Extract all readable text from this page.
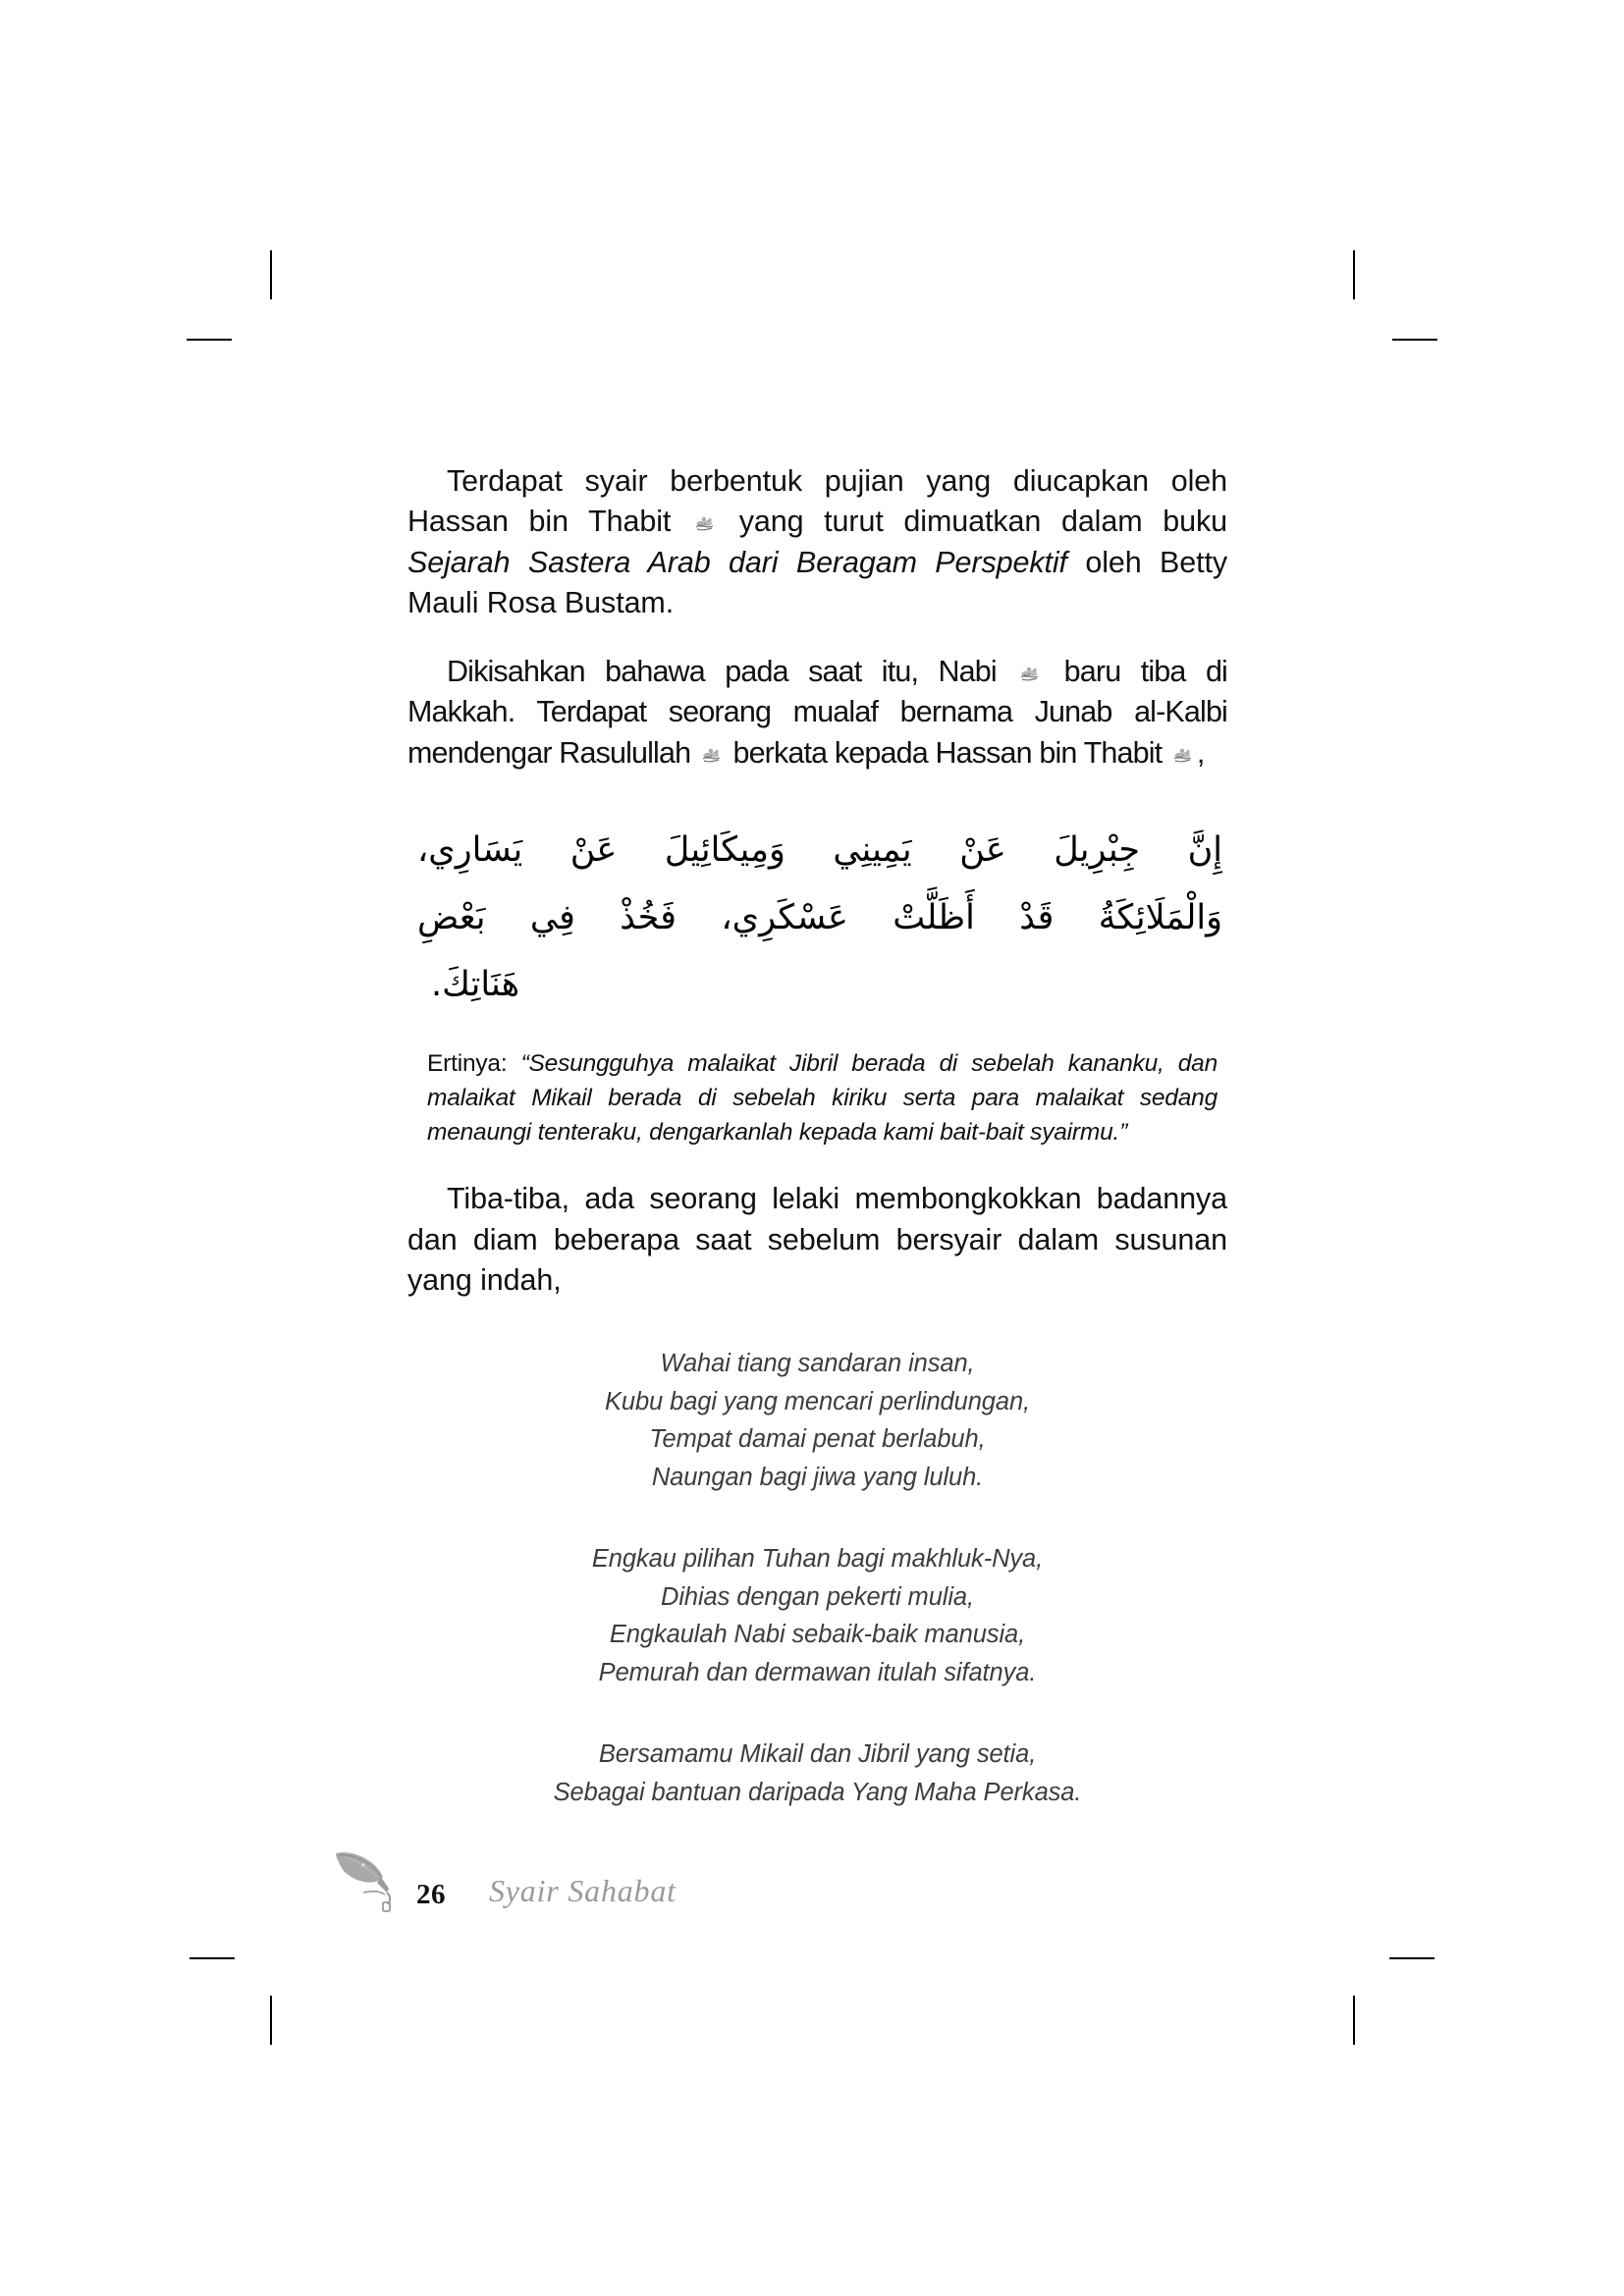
Terdapat syair berbentuk pujian yang diucapkan oleh Hassan bin Thabit
yang turut dimuatkan dalam buku Sejarah Sastera Arab dari Beragam Perspektif oleh Betty Mauli Rosa Bustam.

Dikisahkan bahawa pada saat itu, Nabi
baru tiba di Makkah. Terdapat seorang mualaf bernama Junab al-Kalbi mendengar Rasulullah
berkata kepada Hassan bin Thabit
,

إِنَّ جِبْرِيلَ عَنْ يَمِينِي وَمِيكَائِيلَ عَنْ يَسَارِي،
وَالْمَلَائِكَةُ قَدْ أَظَلَّتْ عَسْكَرِي، فَخُذْ فِي بَعْضِ
هَنَاتِكَ.
Ertinya: “Sesungguhya malaikat Jibril berada di sebelah kananku, dan malaikat Mikail berada di sebelah kiriku serta para malaikat sedang menaungi tenteraku, dengarkanlah kepada kami bait-bait syairmu.”

Tiba-tiba, ada seorang lelaki membongkokkan badannya dan diam beberapa saat sebelum bersyair dalam susunan yang indah,

Wahai tiang sandaran insan,
Kubu bagi yang mencari perlindungan,
Tempat damai penat berlabuh,
Naungan bagi jiwa yang luluh.
Engkau pilihan Tuhan bagi makhluk-Nya,
Dihias dengan pekerti mulia,
Engkaulah Nabi sebaik-baik manusia,
Pemurah dan dermawan itulah sifatnya.
Bersamamu Mikail dan Jibril yang setia,
Sebagai bantuan daripada Yang Maha Perkasa.
26 Syair Sahabat
